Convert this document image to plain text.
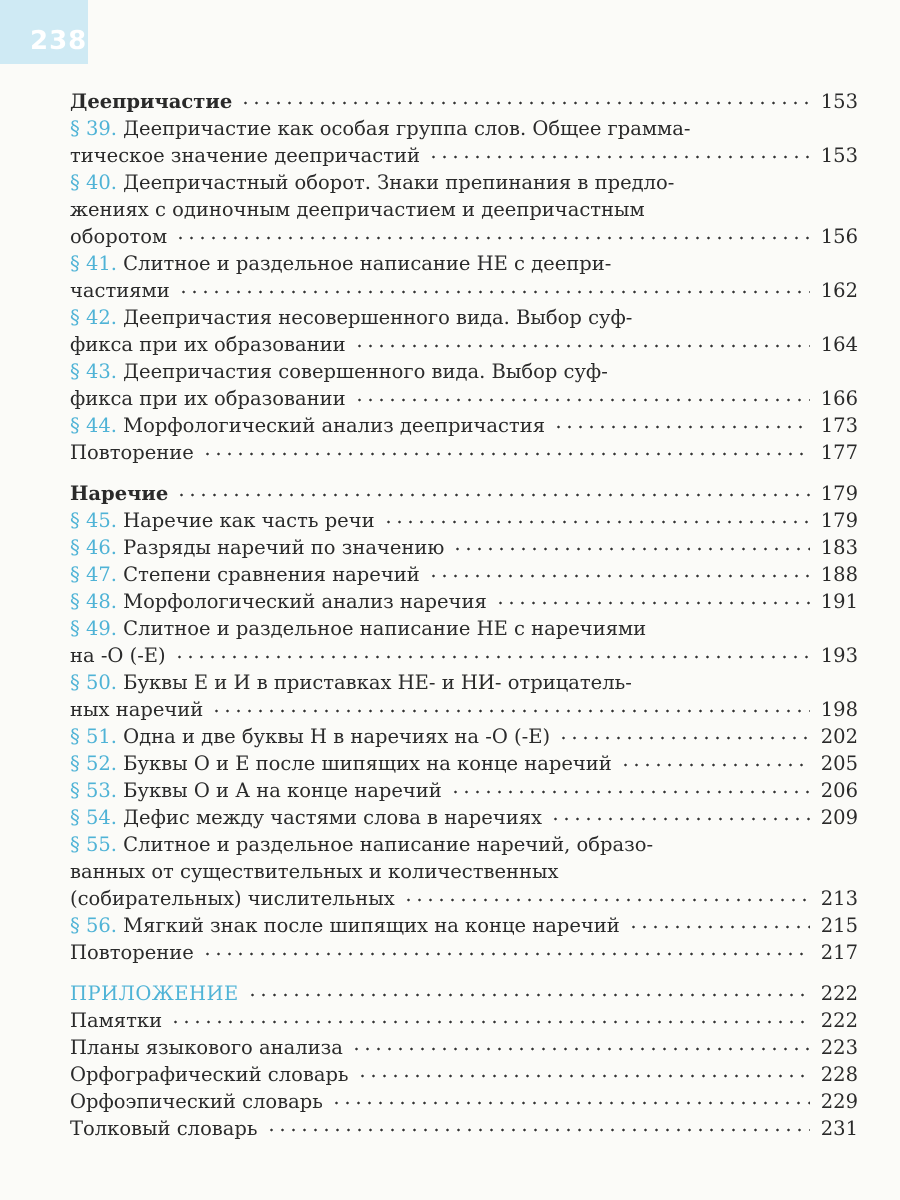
238
Деепричастие	153
§ 39. Деепричастие как особая группа слов. Общее граммa-
тическое значение деепричастий	153
§ 40. Деепричастный оборот. Знаки препинания в предло-
жениях с одиночным деепричастием и деепричастным
оборотом	156
§ 41. Слитное и раздельное написание НЕ с деепри-
частиями	162
§ 42. Деепричастия несовершенного вида. Выбор суф-
фикса при их образовании	164
§ 43. Деепричастия совершенного вида. Выбор суф-
фикса при их образовании	166
§ 44. Морфологический анализ деепричастия	173
Повторение	177
Наречие	179
§ 45. Наречие как часть речи	179
§ 46. Разряды наречий по значению	183
§ 47. Степени сравнения наречий	188
§ 48. Морфологический анализ наречия	191
§ 49. Слитное и раздельное написание НЕ с наречиями
на -О (-Е)	193
§ 50. Буквы Е и И в приставках НЕ- и НИ- отрицатель-
ных наречий	198
§ 51. Одна и две буквы Н в наречиях на -О (-Е)	202
§ 52. Буквы О и Е после шипящих на конце наречий	205
§ 53. Буквы О и А на конце наречий	206
§ 54. Дефис между частями слова в наречиях	209
§ 55. Слитное и раздельное написание наречий, образо-
ванных от существительных и количественных
(собирательных) числительных	213
§ 56. Мягкий знак после шипящих на конце наречий	215
Повторение	217
ПРИЛОЖЕНИЕ	222
Памятки	222
Планы языкового анализа	223
Орфографический словарь	228
Орфоэпический словарь	229
Толковый словарь	231
